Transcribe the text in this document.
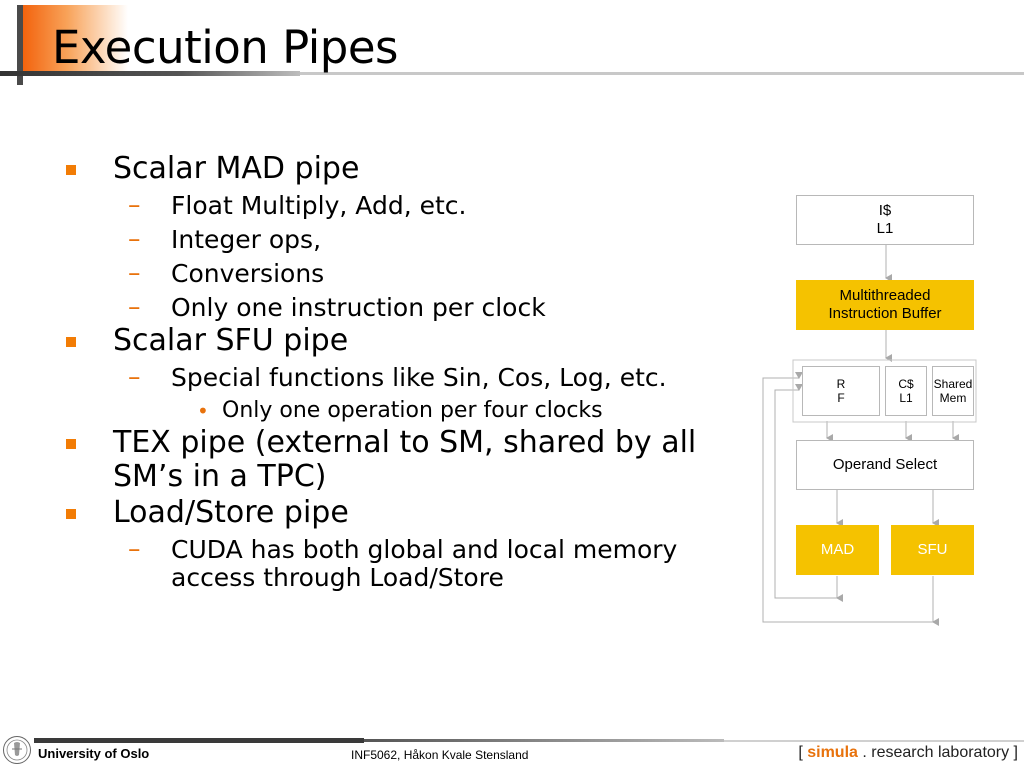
Execution Pipes
Scalar MAD pipe
– Float Multiply, Add, etc.
– Integer ops,
– Conversions
– Only one instruction per clock
Scalar SFU pipe
– Special functions like Sin, Cos, Log, etc.
• Only one operation per four clocks
TEX pipe (external to SM, shared by all SM’s in a TPC)
Load/Store pipe
– CUDA has both global and local memory access through Load/Store
I$
L1
Multithreaded
Instruction Buffer
R
F
C$
L1
Shared
Mem
Operand Select
MAD	SFU
University of Oslo	INF5062, Håkon Kvale Stensland	[ simula . research laboratory ]
